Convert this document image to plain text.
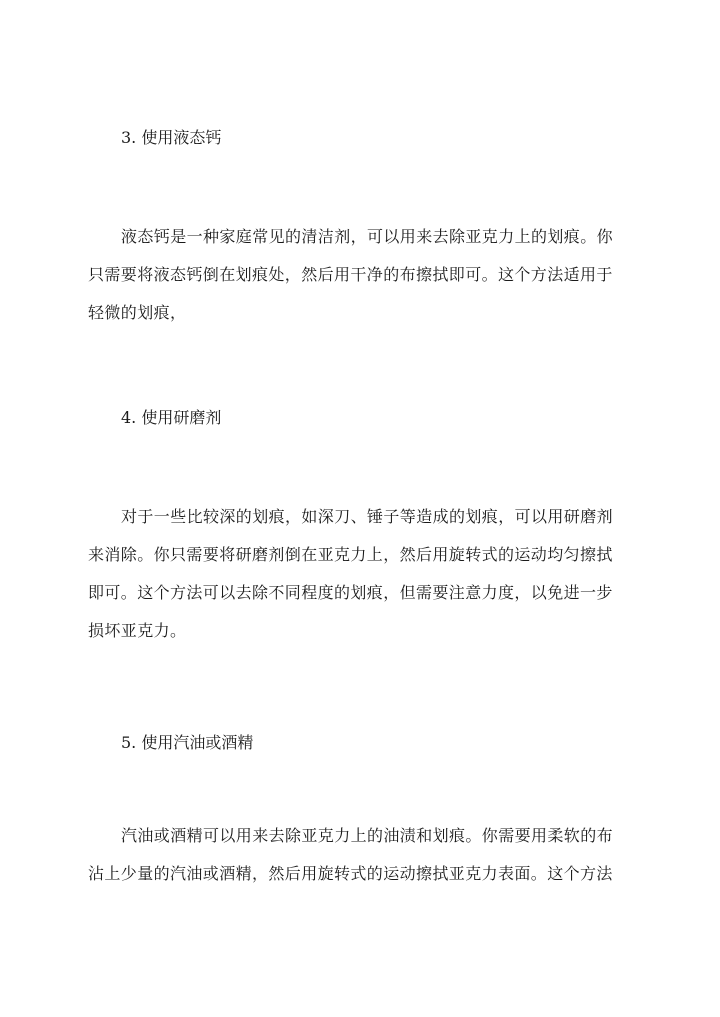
3. 使用液态钙
液态钙是一种家庭常见的清洁剂，可以用来去除亚克力上的划痕。你
只需要将液态钙倒在划痕处，然后用干净的布擦拭即可。这个方法适用于
轻微的划痕，
4. 使用研磨剂
对于一些比较深的划痕，如深刀、锤子等造成的划痕，可以用研磨剂
来消除。你只需要将研磨剂倒在亚克力上，然后用旋转式的运动均匀擦拭
即可。这个方法可以去除不同程度的划痕，但需要注意力度，以免进一步
损坏亚克力。
5. 使用汽油或酒精
汽油或酒精可以用来去除亚克力上的油渍和划痕。你需要用柔软的布
沾上少量的汽油或酒精，然后用旋转式的运动擦拭亚克力表面。这个方法
